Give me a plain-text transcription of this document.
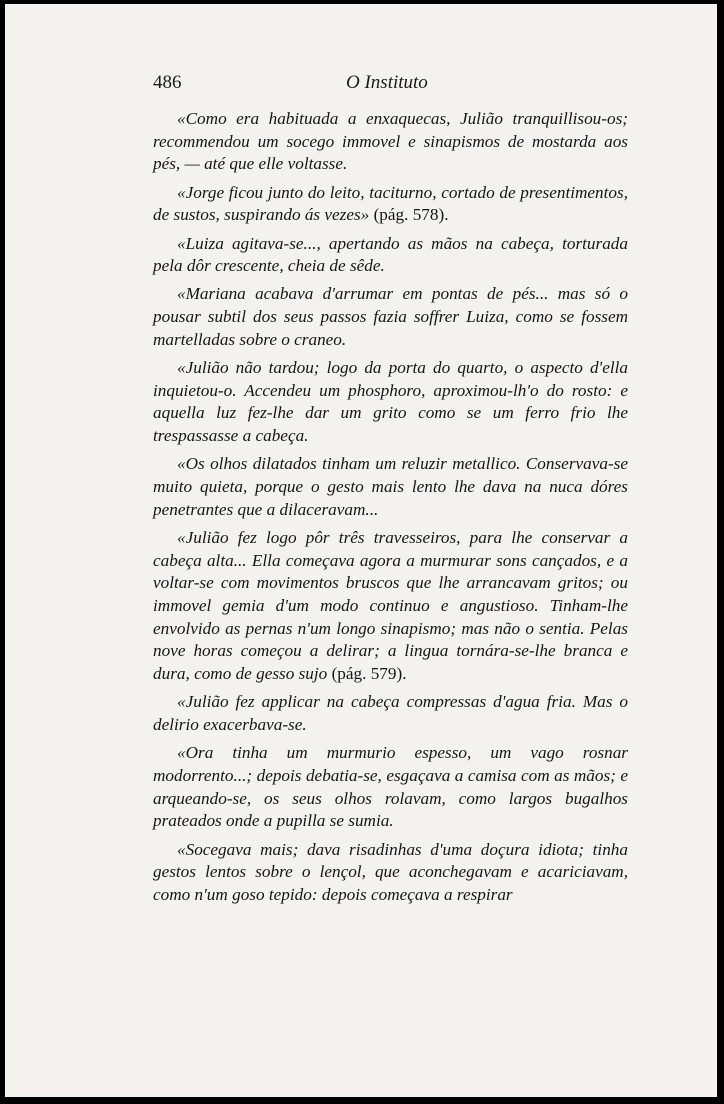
486	O Instituto

«Como era habituada a enxaquecas, Julião tranquillisou-os; recommendou um socego immovel e sinapismos de mostarda aos pés, — até que elle voltasse.

«Jorge ficou junto do leito, taciturno, cortado de presentimentos, de sustos, suspirando ás vezes» (pág. 578).

«Luiza agitava-se..., apertando as mãos na cabeça, torturada pela dôr crescente, cheia de sêde.

«Mariana acabava d'arrumar em pontas de pés... mas só o pousar subtil dos seus passos fazia soffrer Luiza, como se fossem martelladas sobre o craneo.

«Julião não tardou; logo da porta do quarto, o aspecto d'ella inquietou-o. Accendeu um phosphoro, aproximou-lh'o do rosto: e aquella luz fez-lhe dar um grito como se um ferro frio lhe trespassasse a cabeça.

«Os olhos dilatados tinham um reluzir metallico. Conservava-se muito quieta, porque o gesto mais lento lhe dava na nuca dóres penetrantes que a dilaceravam...

«Julião fez logo pôr três travesseiros, para lhe conservar a cabeça alta... Ella começava agora a murmurar sons cançados, e a voltar-se com movimentos bruscos que lhe arrancavam gritos; ou immovel gemia d'um modo continuo e angustioso. Tinham-lhe envolvido as pernas n'um longo sinapismo; mas não o sentia. Pelas nove horas começou a delirar; a lingua tornára-se-lhe branca e dura, como de gesso sujo (pág. 579).

«Julião fez applicar na cabeça compressas d'agua fria. Mas o delirio exacerbava-se.

«Ora tinha um murmurio espesso, um vago rosnar modorrento...; depois debatia-se, esgaçava a camisa com as mãos; e arqueando-se, os seus olhos rolavam, como largos bugalhos prateados onde a pupilla se sumia.

«Socegava mais; dava risadinhas d'uma doçura idiota; tinha gestos lentos sobre o lençol, que aconchegavam e acariciavam, como n'um goso tepido: depois começava a respirar
